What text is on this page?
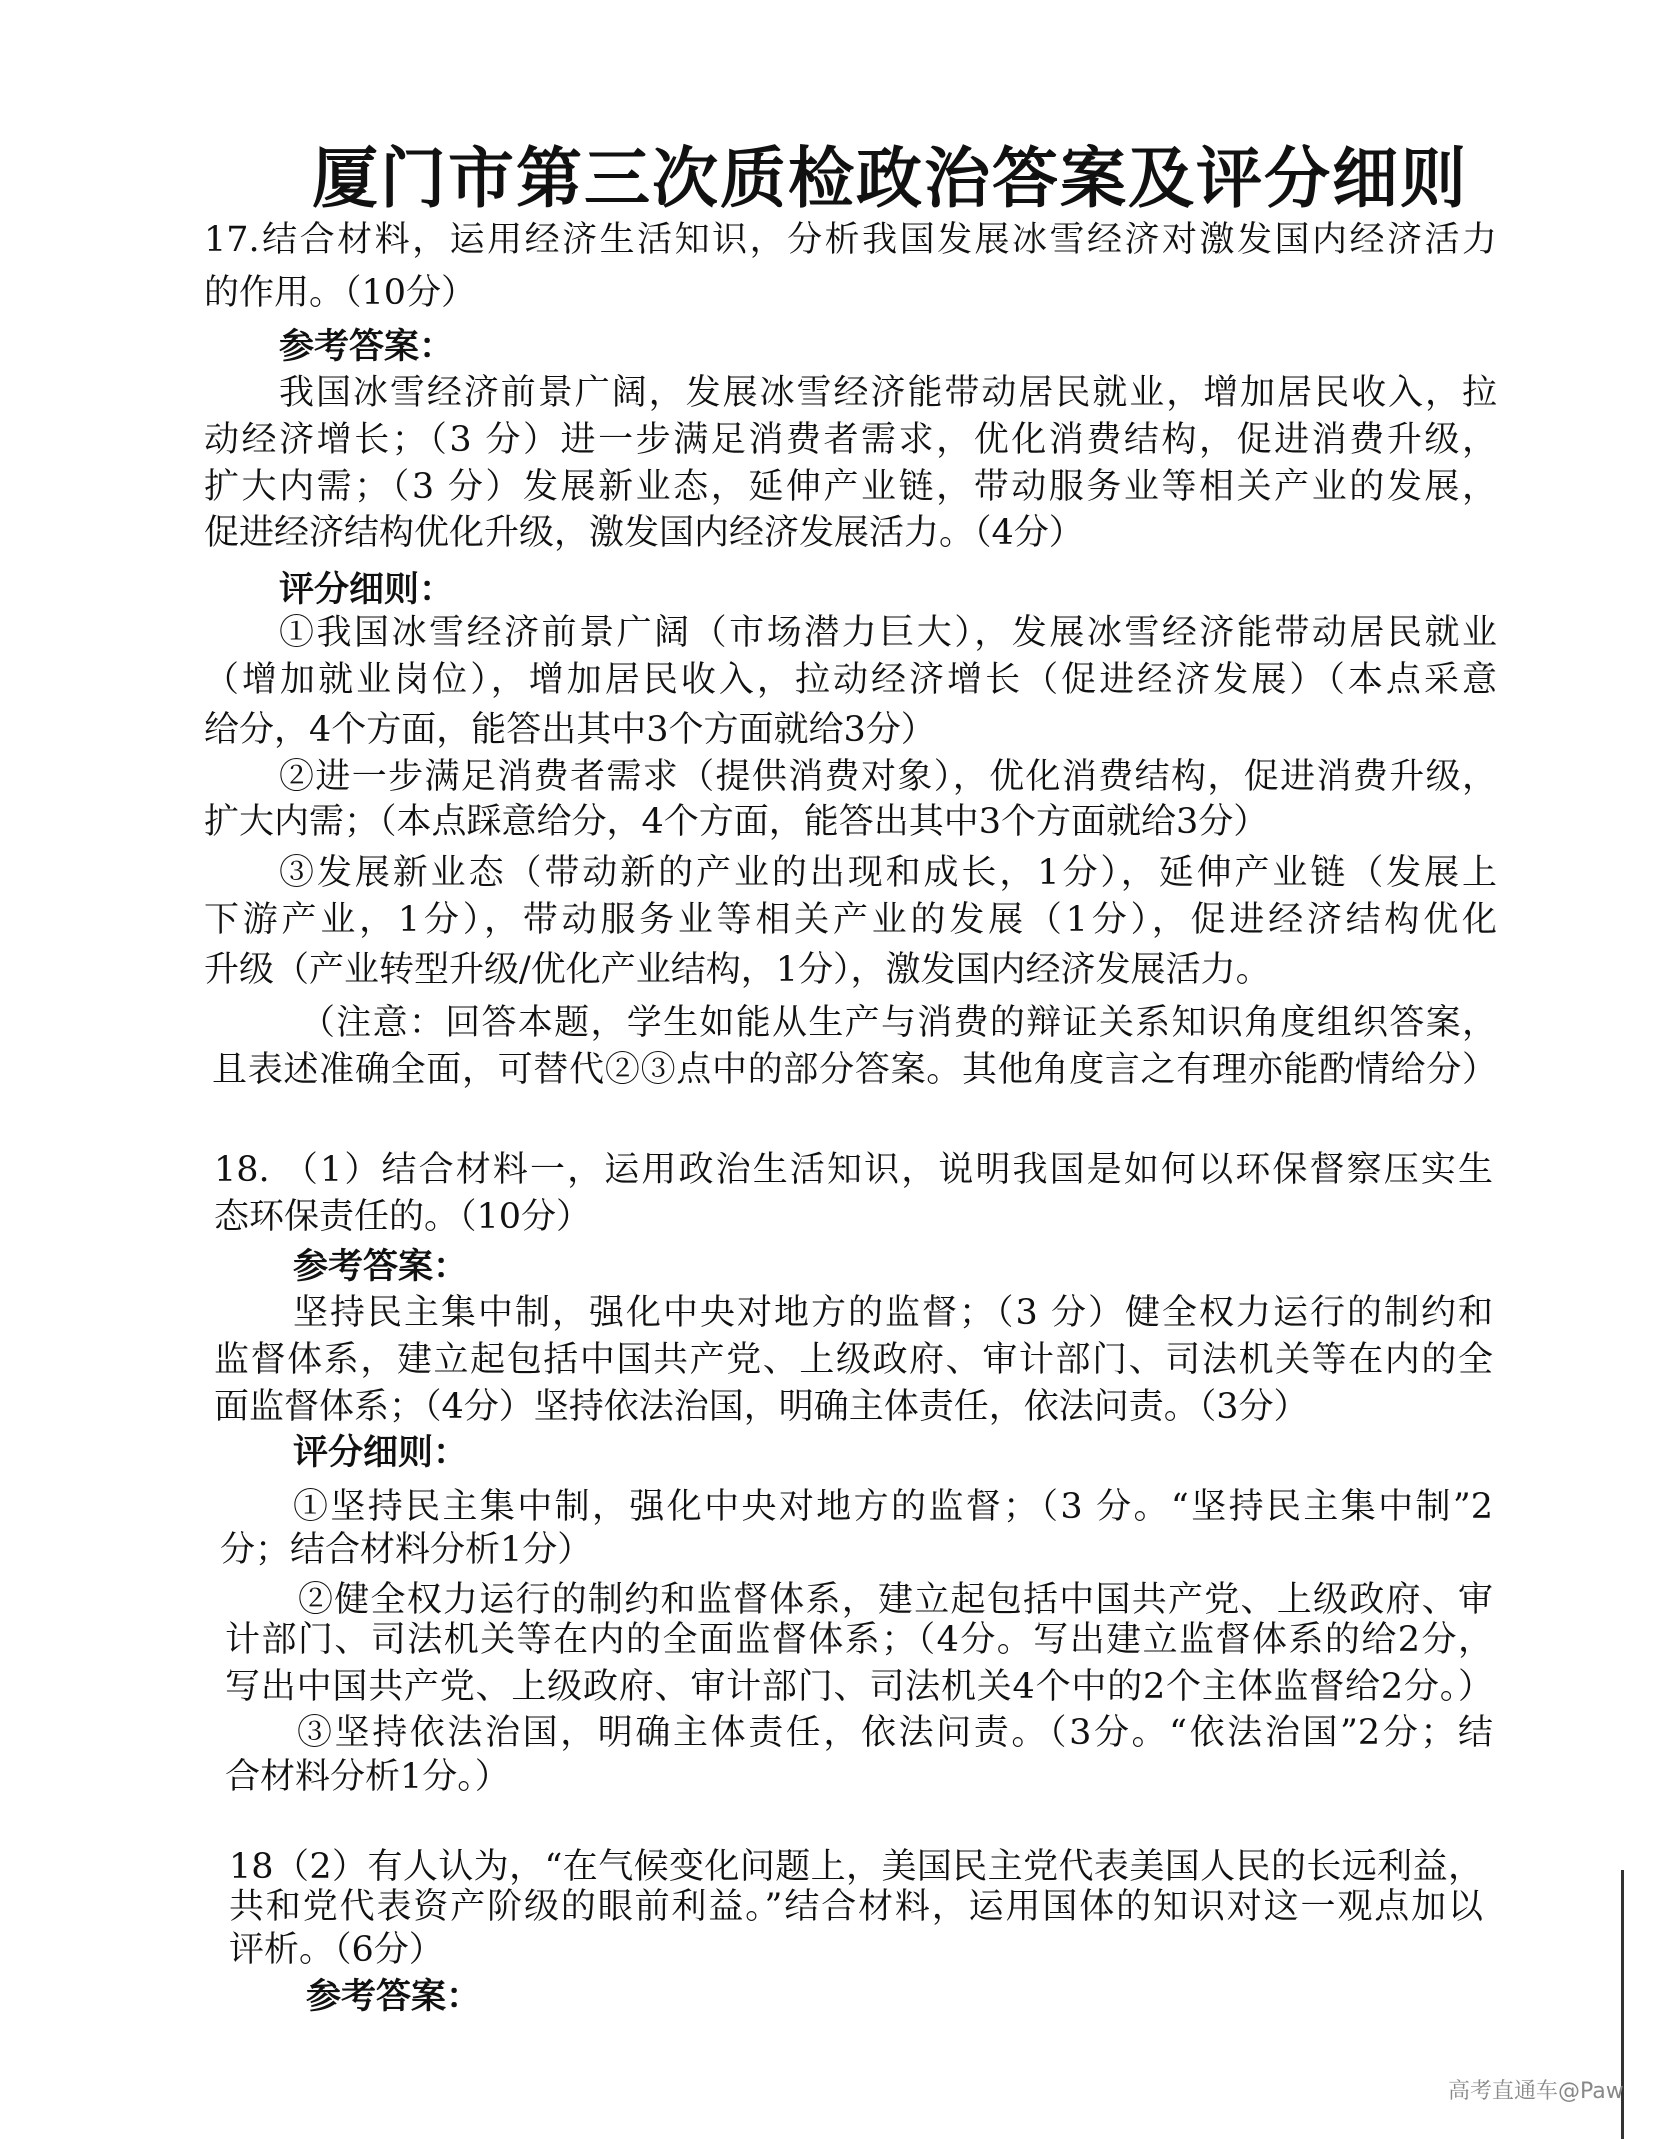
厦门市第三次质检政治答案及评分细则
17.结合材料，运用经济生活知识，分析我国发展冰雪经济对激发国内经济活力
的作用。（10分）
参考答案：
我国冰雪经济前景广阔，发展冰雪经济能带动居民就业，增加居民收入，拉
动经济增长；（3 分）进一步满足消费者需求，优化消费结构，促进消费升级，
扩大内需；（3 分）发展新业态，延伸产业链，带动服务业等相关产业的发展，
促进经济结构优化升级，激发国内经济发展活力。（4分）
评分细则：
①我国冰雪经济前景广阔（市场潜力巨大），发展冰雪经济能带动居民就业
（增加就业岗位），增加居民收入，拉动经济增长（促进经济发展）（本点采意
给分，4个方面，能答出其中3个方面就给3分）
②进一步满足消费者需求（提供消费对象），优化消费结构，促进消费升级，
扩大内需；（本点踩意给分，4个方面，能答出其中3个方面就给3分）
③发展新业态（带动新的产业的出现和成长，1分），延伸产业链（发展上
下游产业，1分），带动服务业等相关产业的发展（1分），促进经济结构优化
升级（产业转型升级/优化产业结构，1分），激发国内经济发展活力。
（注意：回答本题，学生如能从生产与消费的辩证关系知识角度组织答案，
且表述准确全面，可替代②③点中的部分答案。其他角度言之有理亦能酌情给分）
18. （1）结合材料一，运用政治生活知识，说明我国是如何以环保督察压实生
态环保责任的。（10分）
参考答案：
坚持民主集中制，强化中央对地方的监督；（3 分）健全权力运行的制约和
监督体系，建立起包括中国共产党、上级政府、审计部门、司法机关等在内的全
面监督体系；（4分）坚持依法治国，明确主体责任，依法问责。（3分）
评分细则：
①坚持民主集中制，强化中央对地方的监督；（3 分。“坚持民主集中制”2
分；结合材料分析1分）
②健全权力运行的制约和监督体系，建立起包括中国共产党、上级政府、审
计部门、司法机关等在内的全面监督体系；（4分。写出建立监督体系的给2分，
写出中国共产党、上级政府、审计部门、司法机关4个中的2个主体监督给2分。）
③坚持依法治国，明确主体责任，依法问责。（3分。“依法治国”2分；结
合材料分析1分。）
18（2）有人认为，“在气候变化问题上，美国民主党代表美国人民的长远利益，
共和党代表资产阶级的眼前利益。”结合材料，运用国体的知识对这一观点加以
评析。（6分）
参考答案：
高考直通车@Paw
